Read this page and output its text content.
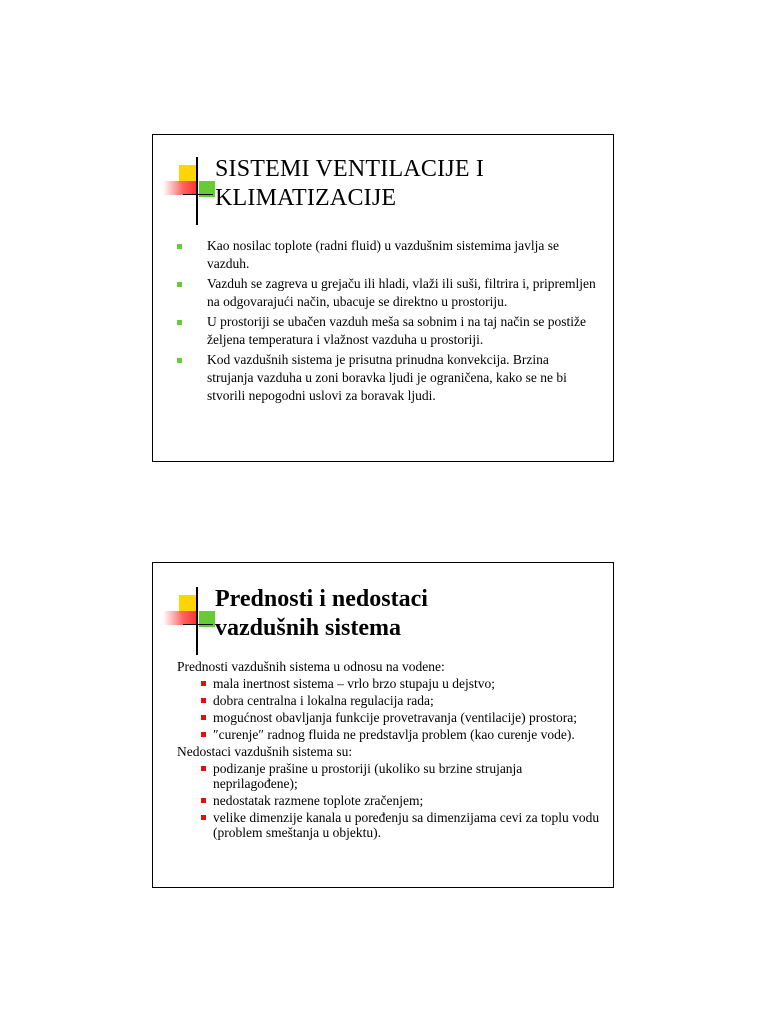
SISTEMI VENTILACIJE I
KLIMATIZACIJE
Kao nosilac toplote (radni fluid) u vazdušnim sistemima javlja se vazduh.
Vazduh se zagreva u grejaču ili hladi, vlaži ili suši, filtrira i, pripremljen na odgovarajući način, ubacuje se direktno u prostoriju.
U prostoriji se ubačen vazduh meša sa sobnim i na taj način se postiže željena temperatura i vlažnost vazduha u prostoriji.
Kod vazdušnih sistema je prisutna prinudna konvekcija. Brzina strujanja vazduha u zoni boravka ljudi je ograničena, kako se ne bi stvorili nepogodni uslovi za boravak ljudi.
Prednosti i nedostaci
vazdušnih sistema

Prednosti vazdušnih sistema u odnosu na vodene:

mala inertnost sistema – vrlo brzo stupaju u dejstvo;
dobra centralna i lokalna regulacija rada;
mogućnost obavljanja funkcije provetravanja (ventilacije) prostora;
″curenje″ radnog fluida ne predstavlja problem (kao curenje vode).

Nedostaci vazdušnih sistema su:

podizanje prašine u prostoriji (ukoliko su brzine strujanja neprilagođene);
nedostatak razmene toplote zračenjem;
velike dimenzije kanala u poređenju sa dimenzijama cevi za toplu vodu (problem smeštanja u objektu).
